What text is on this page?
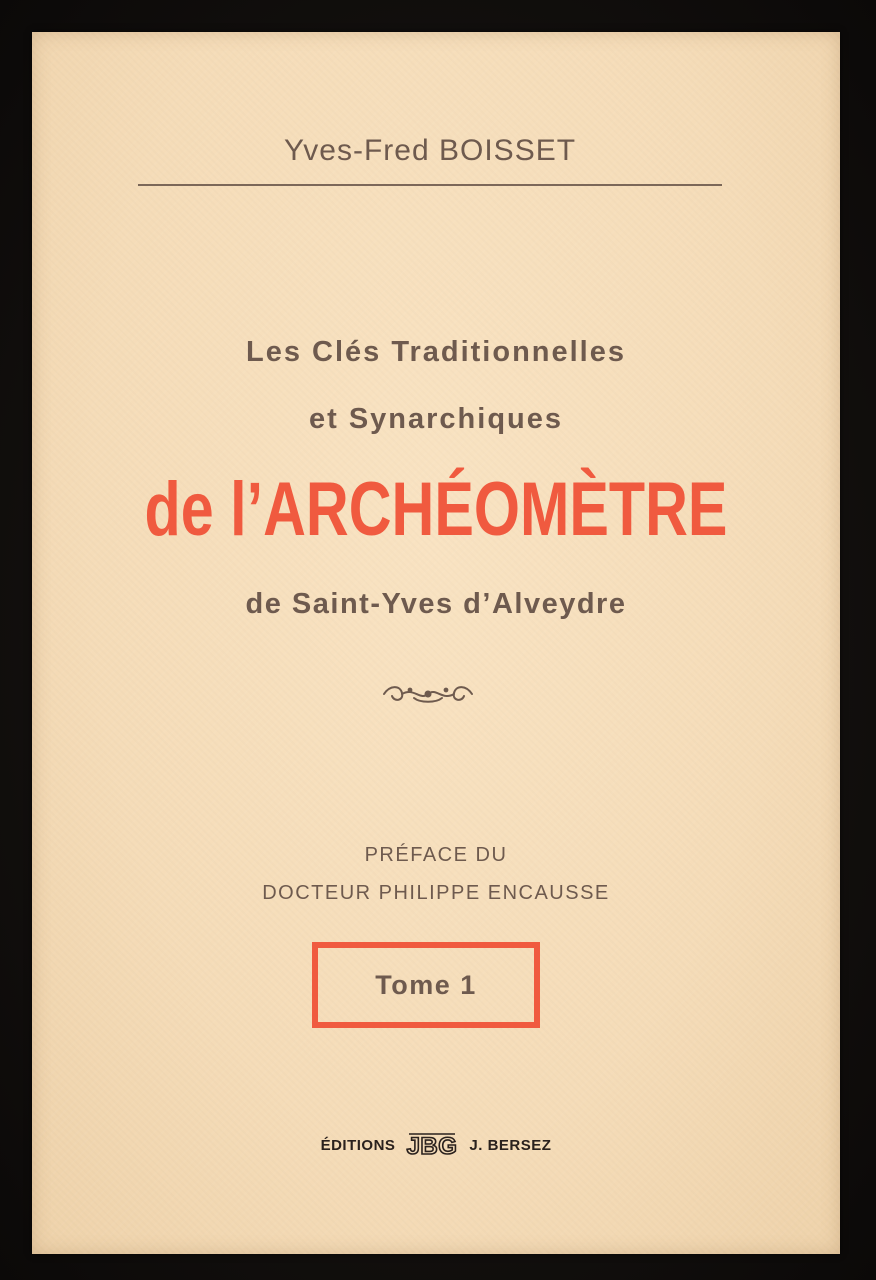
Yves-Fred BOISSET
Les Clés Traditionnelles
et Synarchiques
de l’ARCHÉOMÈTRE
de Saint-Yves d’Alveydre
PRÉFACE DU
DOCTEUR PHILIPPE ENCAUSSE
Tome 1
ÉDITIONS JBG J. BERSEZ
